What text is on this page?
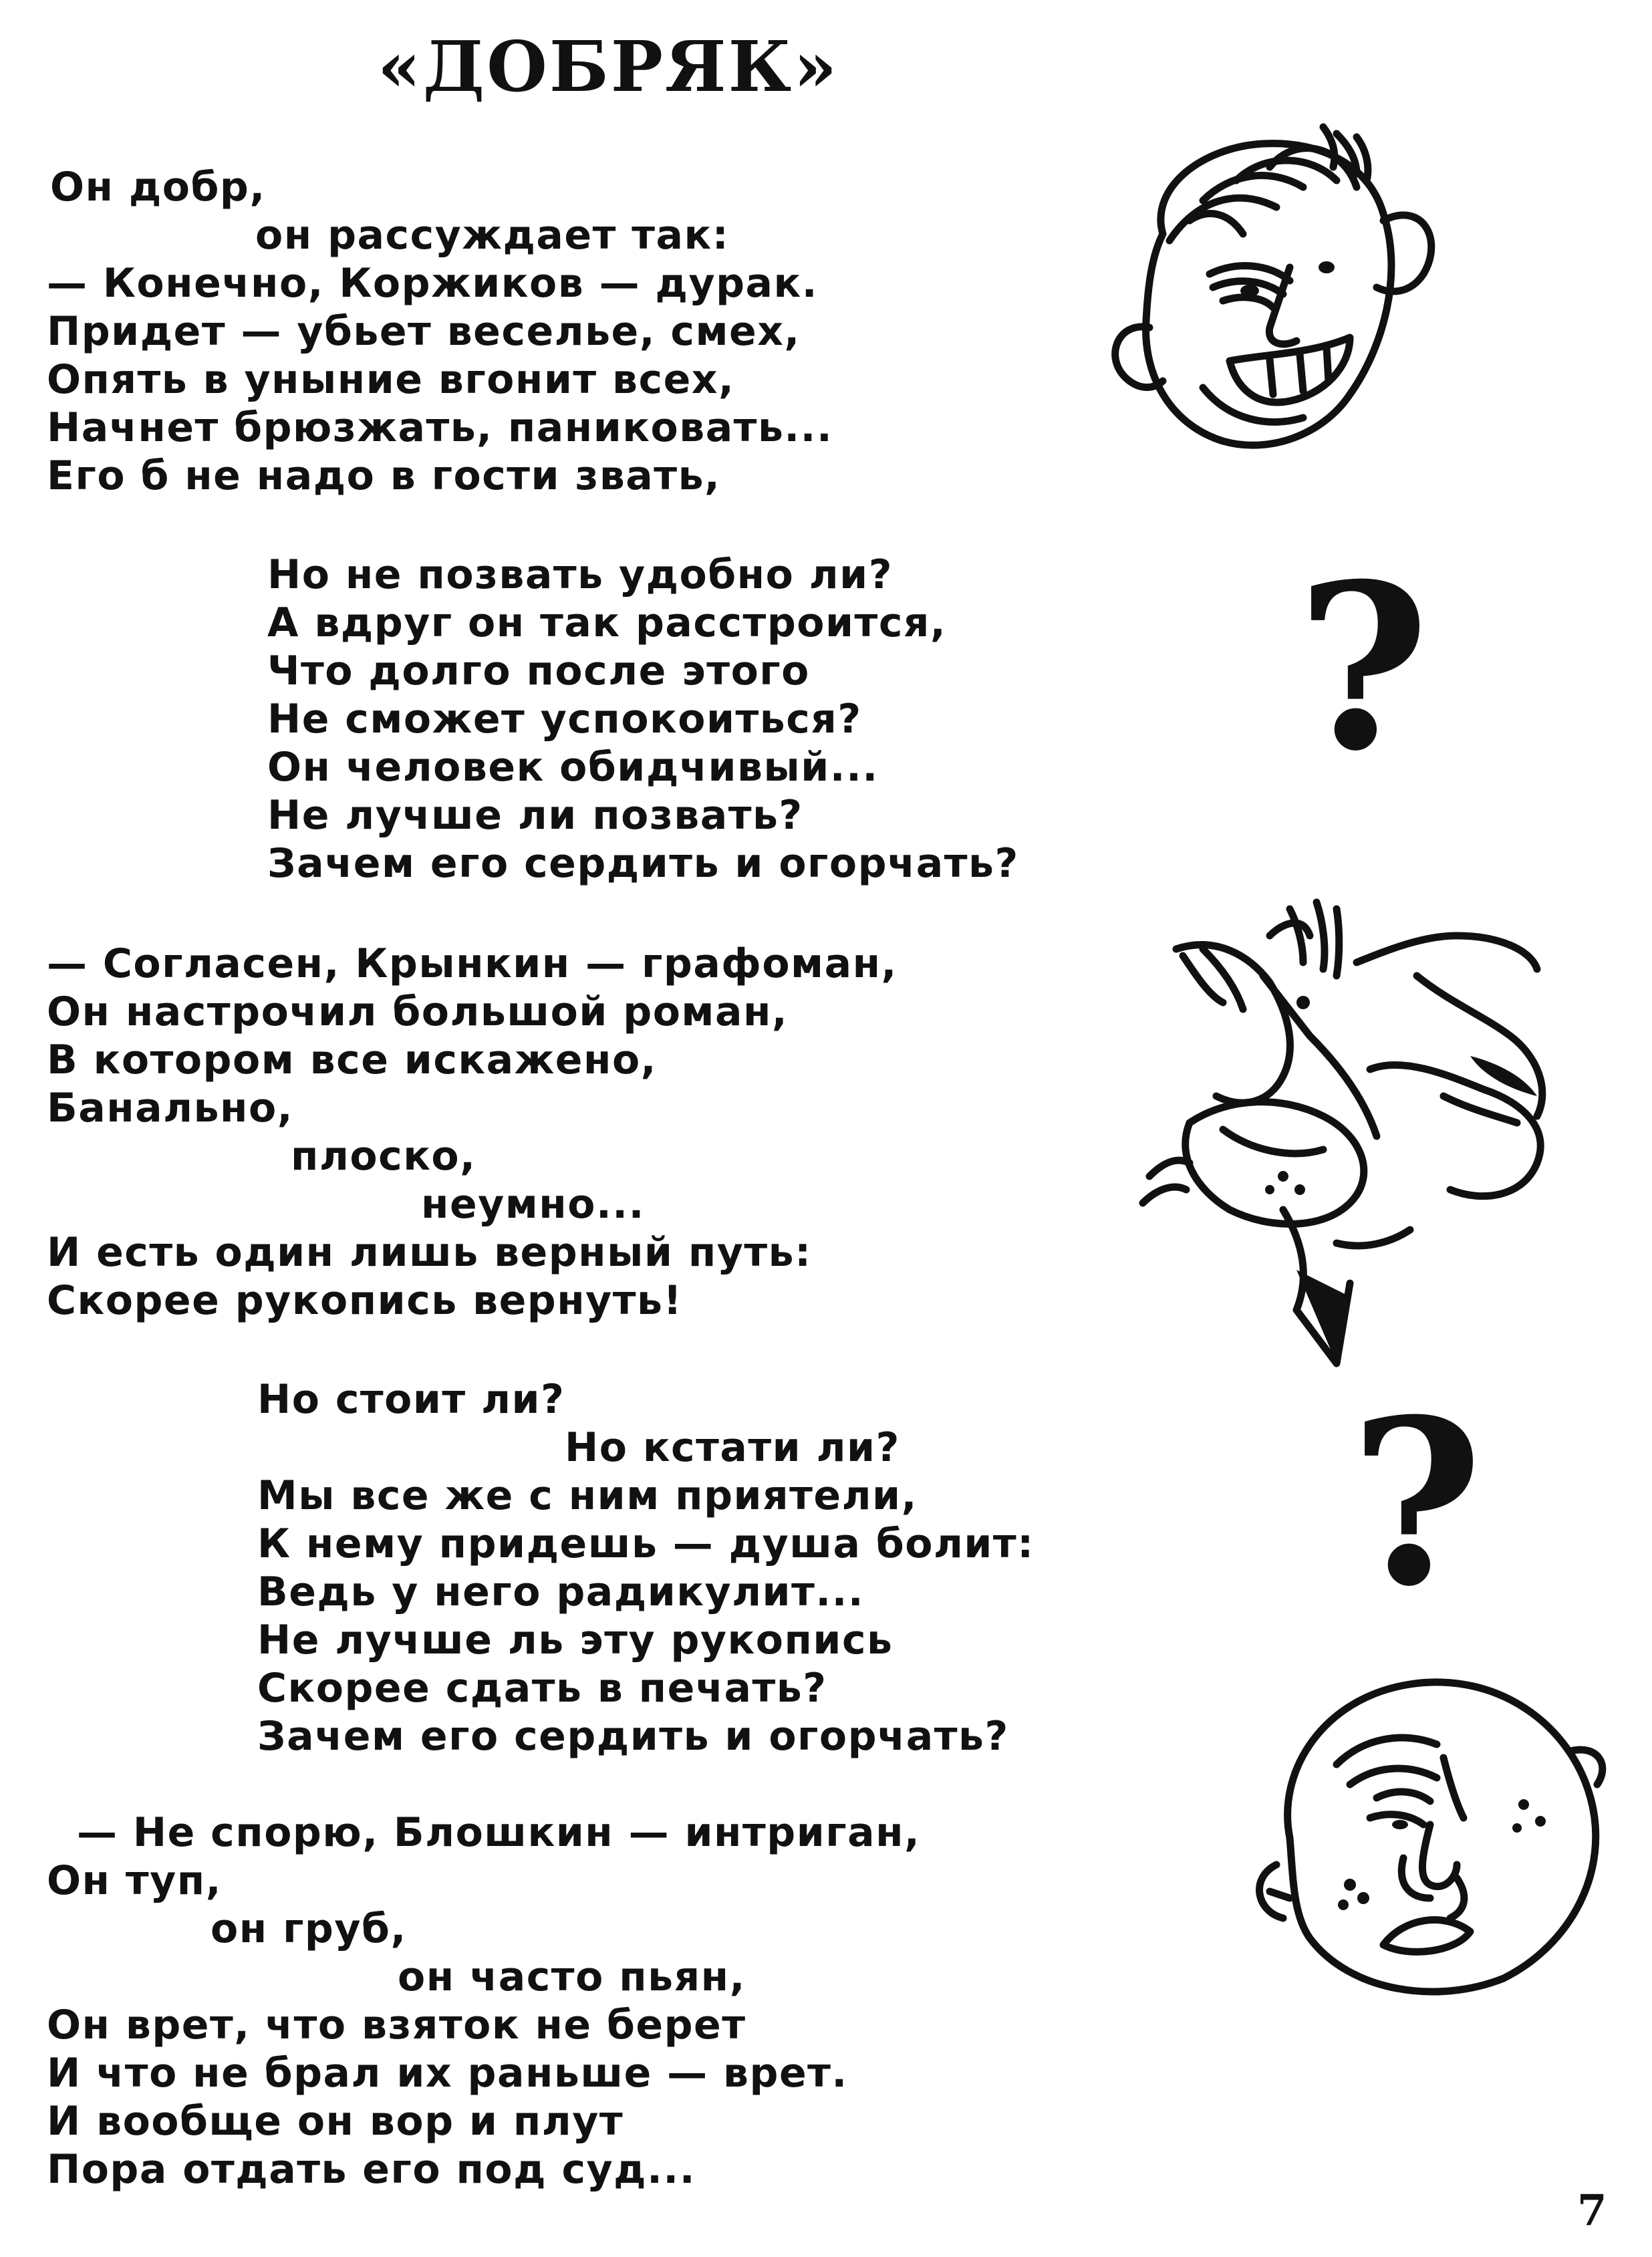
«ДОБРЯК»
Он добр,
он рассуждает так:
— Конечно, Коржиков — дурак.
Придет — убьет веселье, смех,
Опять в уныние вгонит всех,
Начнет брюзжать, паниковать...
Его б не надо в гости звать,
Но не позвать удобно ли?
А вдруг он так расстроится,
Что долго после этого
Не сможет успокоиться?
Он человек обидчивый...
Не лучше ли позвать?
Зачем его сердить и огорчать?
— Согласен, Крынкин — графоман,
Он настрочил большой роман,
В котором все искажено,
Банально,
плоско,
неумно...
И есть один лишь верный путь:
Скорее рукопись вернуть!
Но стоит ли?
Но кстати ли?
Мы все же с ним приятели,
К нему придешь — душа болит:
Ведь у него радикулит...
Не лучше ль эту рукопись
Скорее сдать в печать?
Зачем его сердить и огорчать?
— Не спорю, Блошкин — интриган,
Он туп,
он груб,
он часто пьян,
Он врет, что взяток не берет
И что не брал их раньше — врет.
И вообще он вор и плут
Пора отдать его под суд...
?
?
7
